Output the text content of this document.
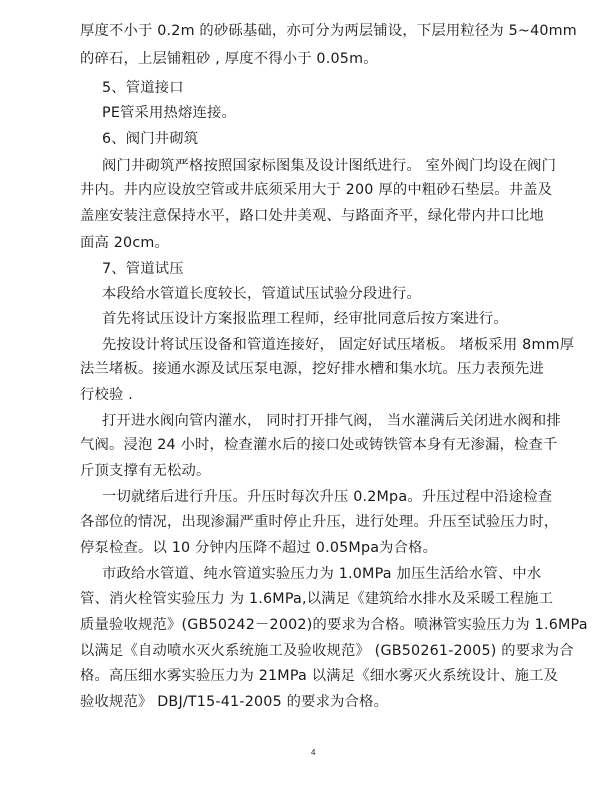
厚度不小于 0.2m 的砂砾基础，亦可分为两层铺设，下层用粒径为 5~40mm
的碎石，上层铺粗砂 , 厚度不得小于 0.05m。
5、管道接口
PE管采用热熔连接。
6、阀门井砌筑
阀门井砌筑严格按照国家标图集及设计图纸进行。 室外阀门均设在阀门
井内。井内应设放空管或井底须采用大于 200 厚的中粗砂石垫层。井盖及
盖座安装注意保持水平，路口处井美观、与路面齐平，绿化带内井口比地
面高 20cm。
7、管道试压
本段给水管道长度较长，管道试压试验分段进行。
首先将试压设计方案报监理工程师，经审批同意后按方案进行。
先按设计将试压设备和管道连接好， 固定好试压堵板。 堵板采用 8mm厚
法兰堵板。接通水源及试压泵电源，挖好排水槽和集水坑。压力表预先进
行校验 .
打开进水阀向管内灌水， 同时打开排气阀， 当水灌满后关闭进水阀和排
气阀。浸泡 24 小时，检查灌水后的接口处或铸铁管本身有无渗漏，检查千
斤顶支撑有无松动。
一切就绪后进行升压。升压时每次升压 0.2Mpa。升压过程中沿途检查
各部位的情况，出现渗漏严重时停止升压，进行处理。升压至试验压力时，
停泵检查。以 10 分钟内压降不超过 0.05Mpa为合格。
市政给水管道、纯水管道实验压力为 1.0MPa 加压生活给水管、中水
管、消火栓管实验压力 为 1.6MPa,以满足《建筑给水排水及采暖工程施工
质量验收规范》(GB50242－2002)的要求为合格。喷淋管实验压力为 1.6MPa
以满足《自动喷水灭火系统施工及验收规范》 (GB50261-2005) 的要求为合
格。高压细水雾实验压力为 21MPa 以满足《细水雾灭火系统设计、施工及
验收规范》 DBJ/T15-41-2005 的要求为合格。
4
